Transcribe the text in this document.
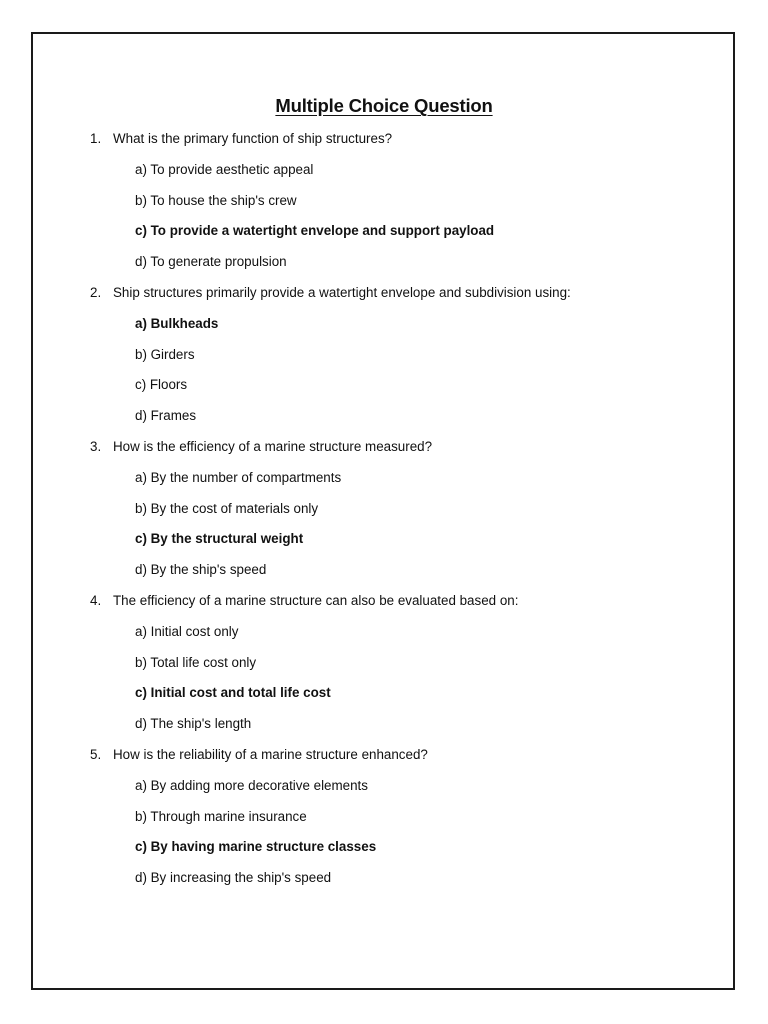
Multiple Choice Question
1. What is the primary function of ship structures?
a) To provide aesthetic appeal
b) To house the ship's crew
c) To provide a watertight envelope and support payload
d) To generate propulsion
2. Ship structures primarily provide a watertight envelope and subdivision using:
a) Bulkheads
b) Girders
c) Floors
d) Frames
3. How is the efficiency of a marine structure measured?
a) By the number of compartments
b) By the cost of materials only
c) By the structural weight
d) By the ship's speed
4. The efficiency of a marine structure can also be evaluated based on:
a) Initial cost only
b) Total life cost only
c) Initial cost and total life cost
d) The ship's length
5. How is the reliability of a marine structure enhanced?
a) By adding more decorative elements
b) Through marine insurance
c) By having marine structure classes
d) By increasing the ship's speed
